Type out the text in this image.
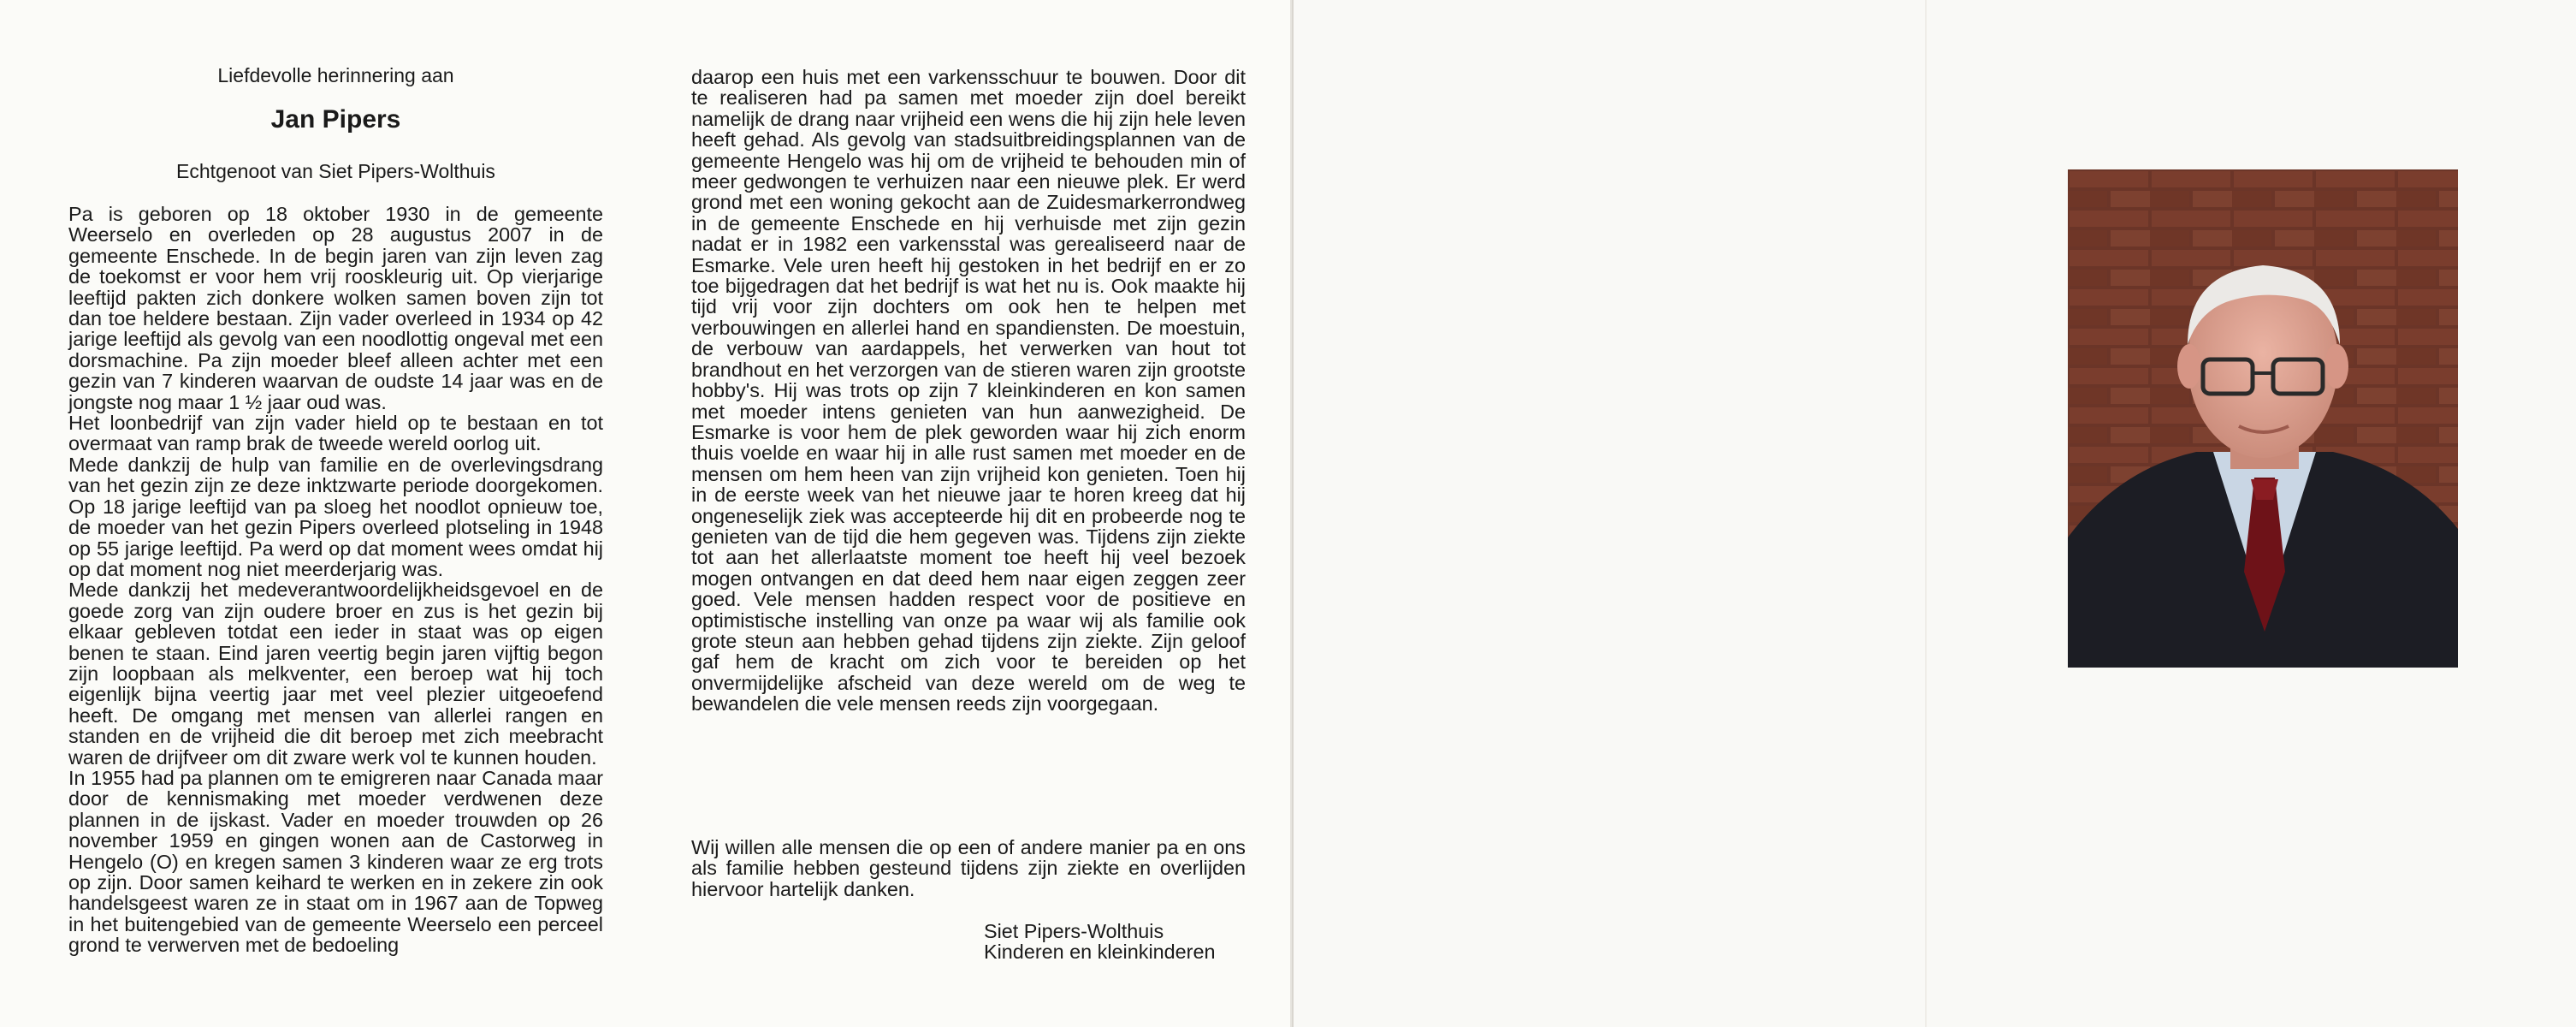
Liefdevolle herinnering aan
Jan Pipers
Echtgenoot van Siet Pipers-Wolthuis

Pa is geboren op 18 oktober 1930 in de gemeente Weerselo en overleden op 28 augustus 2007 in de gemeente Enschede. In de begin jaren van zijn leven zag de toekomst er voor hem vrij rooskleurig uit. Op vierjarige leeftijd pakten zich donkere wolken samen boven zijn tot dan toe heldere bestaan. Zijn vader overleed in 1934 op 42 jarige leeftijd als gevolg van een noodlottig ongeval met een dorsmachine. Pa zijn moeder bleef alleen achter met een gezin van 7 kinderen waarvan de oudste 14 jaar was en de jongste nog maar 1 ½ jaar oud was.

Het loonbedrijf van zijn vader hield op te bestaan en tot overmaat van ramp brak de tweede wereld oorlog uit.

Mede dankzij de hulp van familie en de overlevingsdrang van het gezin zijn ze deze inktzwarte periode doorgekomen. Op 18 jarige leeftijd van pa sloeg het noodlot opnieuw toe, de moeder van het gezin Pipers overleed plotseling in 1948 op 55 jarige leeftijd. Pa werd op dat moment wees omdat hij op dat moment nog niet meerderjarig was.

Mede dankzij het medeverantwoordelijkheidsgevoel en de goede zorg van zijn oudere broer en zus is het gezin bij elkaar gebleven totdat een ieder in staat was op eigen benen te staan. Eind jaren veertig begin jaren vijftig begon zijn loopbaan als melkventer, een beroep wat hij toch eigenlijk bijna veertig jaar met veel plezier uitgeoefend heeft. De omgang met mensen van allerlei rangen en standen en de vrijheid die dit beroep met zich meebracht waren de drijfveer om dit zware werk vol te kunnen houden.

In 1955 had pa plannen om te emigreren naar Canada maar door de kennismaking met moeder verdwenen deze plannen in de ijskast. Vader en moeder trouwden op 26 november 1959 en gingen wonen aan de Castorweg in Hengelo (O) en kregen samen 3 kinderen waar ze erg trots op zijn. Door samen keihard te werken en in zekere zin ook handelsgeest waren ze in staat om in 1967 aan de Topweg in het buitengebied van de gemeente Weerselo een perceel grond te verwerven met de bedoeling

daarop een huis met een varkensschuur te bouwen. Door dit te realiseren had pa samen met moeder zijn doel bereikt namelijk de drang naar vrijheid een wens die hij zijn hele leven heeft gehad. Als gevolg van stadsuitbreidingsplannen van de gemeente Hengelo was hij om de vrijheid te behouden min of meer gedwongen te verhuizen naar een nieuwe plek. Er werd grond met een woning gekocht aan de Zuidesmarkerrondweg in de gemeente Enschede en hij verhuisde met zijn gezin nadat er in 1982 een varkensstal was gerealiseerd naar de Esmarke. Vele uren heeft hij gestoken in het bedrijf en er zo toe bijgedragen dat het bedrijf is wat het nu is. Ook maakte hij tijd vrij voor zijn dochters om ook hen te helpen met verbouwingen en allerlei hand en spandiensten. De moestuin, de verbouw van aardappels, het verwerken van hout tot brandhout en het verzorgen van de stieren waren zijn grootste hobby's. Hij was trots op zijn 7 kleinkinderen en kon samen met moeder intens genieten van hun aanwezigheid. De Esmarke is voor hem de plek geworden waar hij zich enorm thuis voelde en waar hij in alle rust samen met moeder en de mensen om hem heen van zijn vrijheid kon genieten. Toen hij in de eerste week van het nieuwe jaar te horen kreeg dat hij ongeneselijk ziek was accepteerde hij dit en probeerde nog te genieten van de tijd die hem gegeven was. Tijdens zijn ziekte tot aan het allerlaatste moment toe heeft hij veel bezoek mogen ontvangen en dat deed hem naar eigen zeggen zeer goed. Vele mensen hadden respect voor de positieve en optimistische instelling van onze pa waar wij als familie ook grote steun aan hebben gehad tijdens zijn ziekte. Zijn geloof gaf hem de kracht om zich voor te bereiden op het onvermijdelijke afscheid van deze wereld om de weg te bewandelen die vele mensen reeds zijn voorgegaan.

Wij willen alle mensen die op een of andere manier pa en ons als familie hebben gesteund tijdens zijn ziekte en overlijden hiervoor hartelijk danken.
Siet Pipers-Wolthuis
Kinderen en kleinkinderen
